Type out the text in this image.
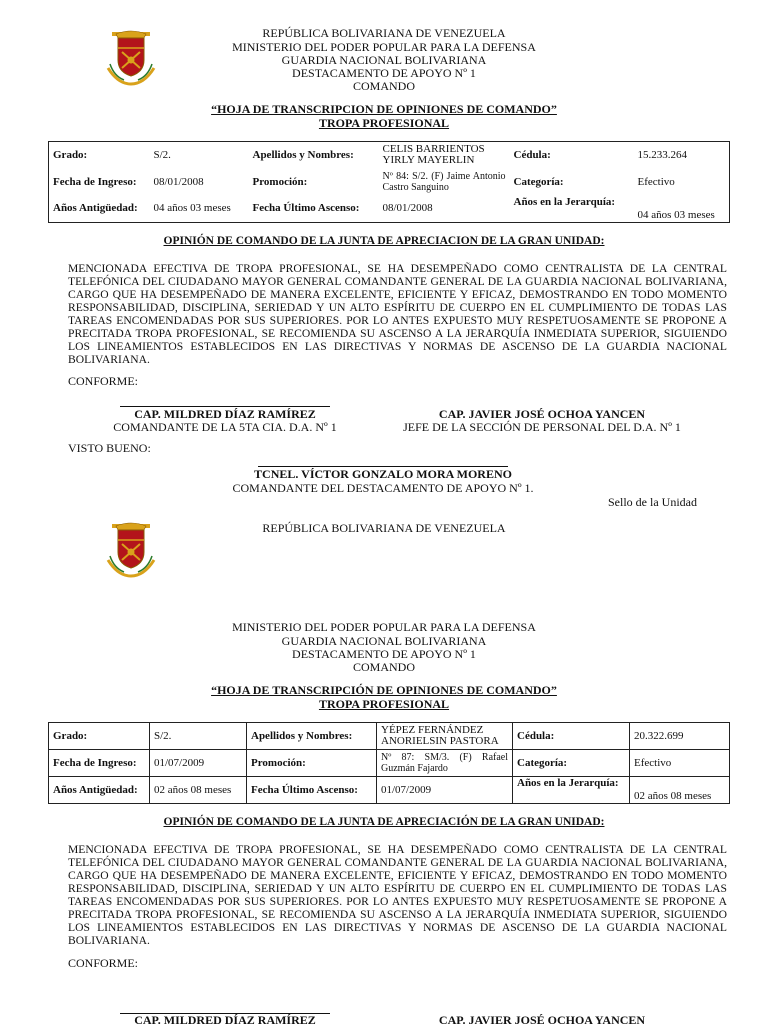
REPÚBLICA BOLIVARIANA DE VENEZUELA
MINISTERIO DEL PODER POPULAR PARA LA DEFENSA
GUARDIA NACIONAL BOLIVARIANA
DESTACAMENTO DE APOYO Nº 1
COMANDO
“HOJA DE TRANSCRIPCION DE OPINIONES DE COMANDO”
TROPA PROFESIONAL
Grado:	S/2.	Apellidos y Nombres:	CELIS BARRIENTOS YIRLY MAYERLIN	Cédula:	15.233.264
Fecha de Ingreso:	08/01/2008	Promoción:	Nº 84: S/2. (F) Jaime Antonio Castro Sanguino	Categoría:	Efectivo
Años Antigüedad:	04 años 03 meses	Fecha Último Ascenso:	08/01/2008	Años en la Jerarquía:	04 años 03 meses
OPINIÓN DE COMANDO DE LA JUNTA DE APRECIACION DE LA GRAN UNIDAD:
MENCIONADA EFECTIVA DE TROPA PROFESIONAL, SE HA DESEMPEÑADO COMO CENTRALISTA DE LA CENTRAL TELEFÓNICA DEL CIUDADANO MAYOR GENERAL COMANDANTE GENERAL DE LA GUARDIA NACIONAL BOLIVARIANA, CARGO QUE HA DESEMPEÑADO DE MANERA EXCELENTE, EFICIENTE Y EFICAZ, DEMOSTRANDO EN TODO MOMENTO RESPONSABILIDAD, DISCIPLINA, SERIEDAD Y UN ALTO ESPÍRITU DE CUERPO EN EL CUMPLIMIENTO DE TODAS LAS TAREAS ENCOMENDADAS POR SUS SUPERIORES. POR LO ANTES EXPUESTO MUY RESPETUOSAMENTE SE PROPONE A PRECITADA TROPA PROFESIONAL, SE RECOMIENDA SU ASCENSO A LA JERARQUÍA INMEDIATA SUPERIOR, SIGUIENDO LOS LINEAMIENTOS ESTABLECIDOS EN LAS DIRECTIVAS Y NORMAS DE ASCENSO DE LA GUARDIA NACIONAL BOLIVARIANA.
CONFORME:
CAP. MILDRED DÍAZ RAMÍREZ
COMANDANTE DE LA 5TA CIA. D.A. Nº 1
CAP. JAVIER JOSÉ OCHOA YANCEN
JEFE DE LA SECCIÓN DE PERSONAL DEL D.A. Nº 1
VISTO BUENO:
TCNEL. VÍCTOR GONZALO MORA MORENO
COMANDANTE DEL DESTACAMENTO DE APOYO Nº 1.
Sello de la Unidad
REPÚBLICA BOLIVARIANA DE VENEZUELA
MINISTERIO DEL PODER POPULAR PARA LA DEFENSA
GUARDIA NACIONAL BOLIVARIANA
DESTACAMENTO DE APOYO Nº 1
COMANDO
“HOJA DE TRANSCRIPCIÓN DE OPINIONES DE COMANDO”
TROPA PROFESIONAL
Grado:	S/2.	Apellidos y Nombres:	YÉPEZ FERNÁNDEZ ANORIELSIN PASTORA	Cédula:	20.322.699
Fecha de Ingreso:	01/07/2009	Promoción:	Nº 87: SM/3. (F) Rafael Guzmán Fajardo	Categoría:	Efectivo
Años Antigüedad:	02 años 08 meses	Fecha Último Ascenso:	01/07/2009	Años en la Jerarquía:	02 años 08 meses
OPINIÓN DE COMANDO DE LA JUNTA DE APRECIACIÓN DE LA GRAN UNIDAD:
MENCIONADA EFECTIVA DE TROPA PROFESIONAL, SE HA DESEMPEÑADO COMO CENTRALISTA DE LA CENTRAL TELEFÓNICA DEL CIUDADANO MAYOR GENERAL COMANDANTE GENERAL DE LA GUARDIA NACIONAL BOLIVARIANA, CARGO QUE HA DESEMPEÑADO DE MANERA EXCELENTE, EFICIENTE Y EFICAZ, DEMOSTRANDO EN TODO MOMENTO RESPONSABILIDAD, DISCIPLINA, SERIEDAD Y UN ALTO ESPÍRITU DE CUERPO EN EL CUMPLIMIENTO DE TODAS LAS TAREAS ENCOMENDADAS POR SUS SUPERIORES. POR LO ANTES EXPUESTO MUY RESPETUOSAMENTE SE PROPONE A PRECITADA TROPA PROFESIONAL, SE RECOMIENDA SU ASCENSO A LA JERARQUÍA INMEDIATA SUPERIOR, SIGUIENDO LOS LINEAMIENTOS ESTABLECIDOS EN LAS DIRECTIVAS Y NORMAS DE ASCENSO DE LA GUARDIA NACIONAL BOLIVARIANA.
CONFORME:
CAP. MILDRED DÍAZ RAMÍREZ	CAP. JAVIER JOSÉ OCHOA YANCEN
